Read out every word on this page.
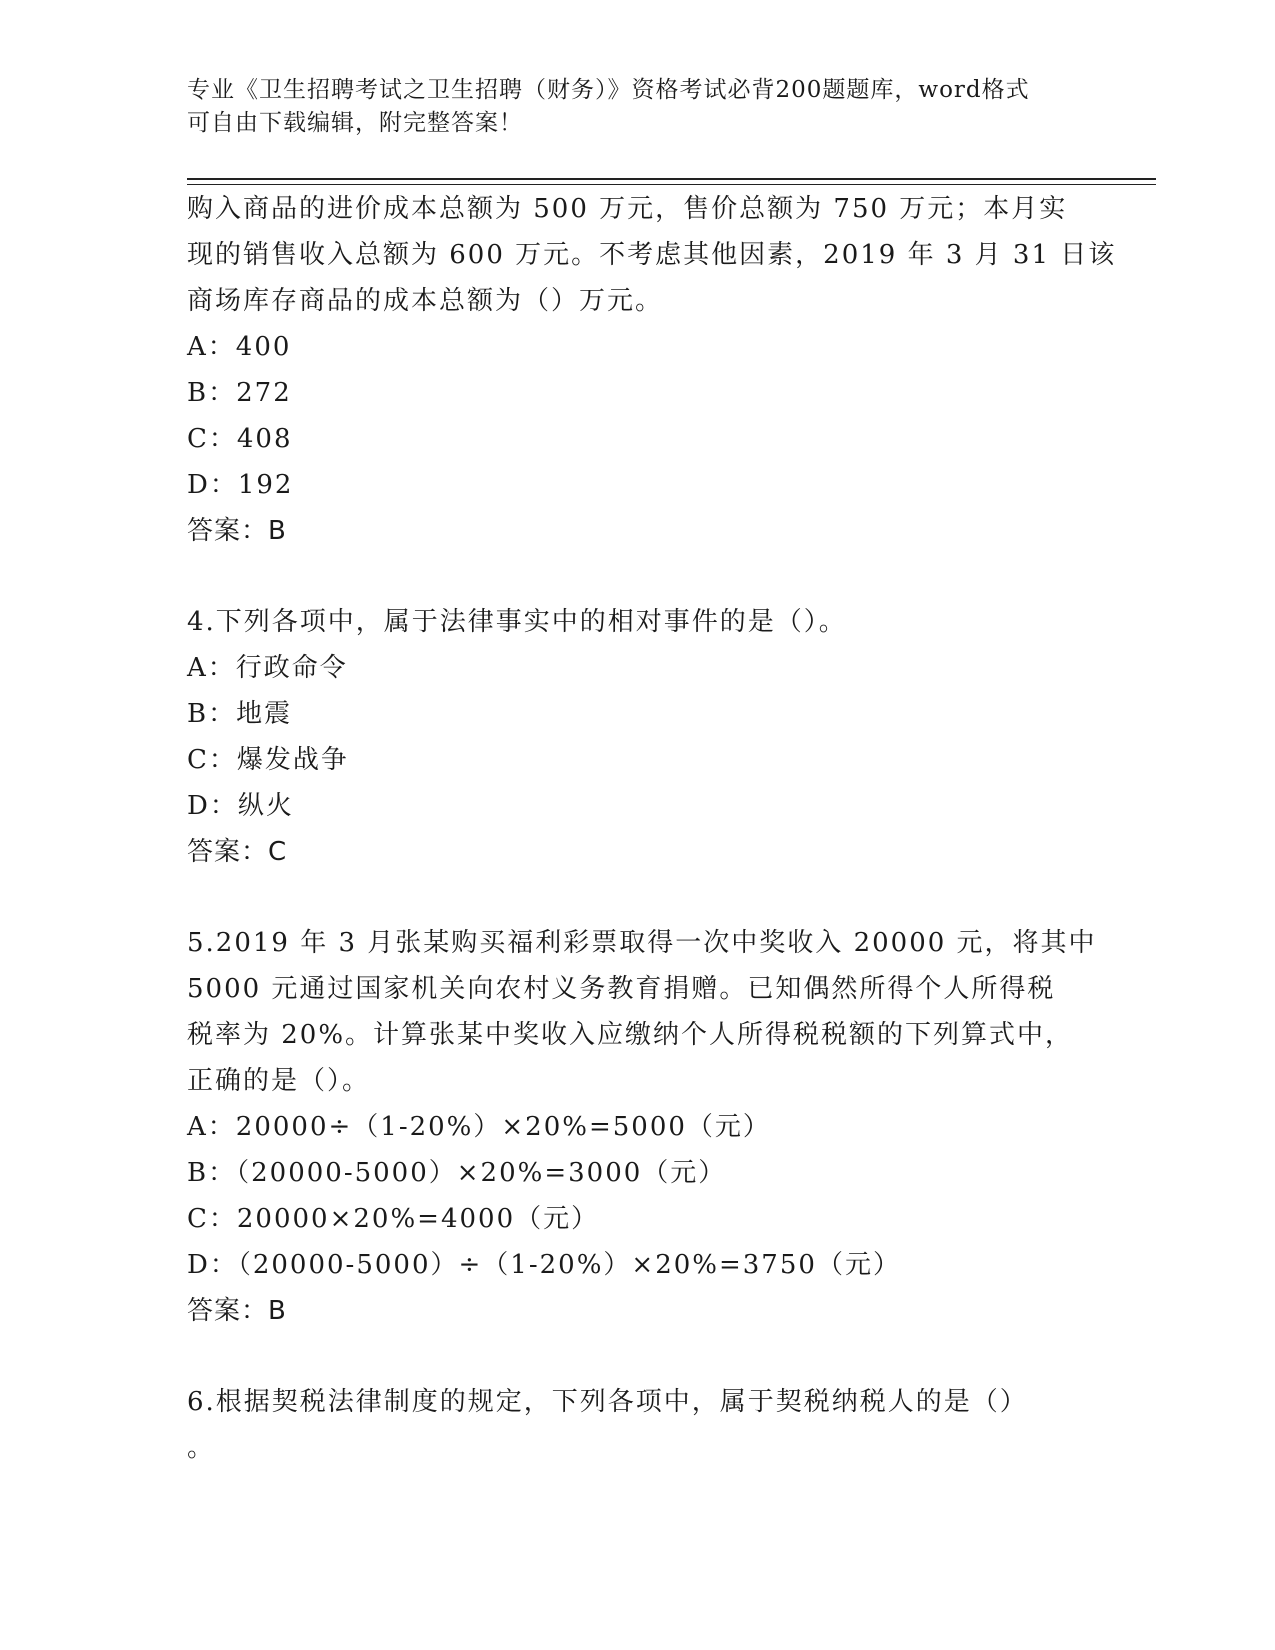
专业《卫生招聘考试之卫生招聘（财务）》资格考试必背200题题库，word格式
可自由下载编辑，附完整答案！
购入商品的进价成本总额为 500 万元，售价总额为 750 万元；本月实
现的销售收入总额为 600 万元。不考虑其他因素，2019 年 3 月 31 日该
商场库存商品的成本总额为（）万元。
A：400
B：272
C：408
D：192
答案：B
4.下列各项中，属于法律事实中的相对事件的是（）。
A：行政命令
B：地震
C：爆发战争
D：纵火
答案：C
5.2019 年 3 月张某购买福利彩票取得一次中奖收入 20000 元，将其中
5000 元通过国家机关向农村义务教育捐赠。已知偶然所得个人所得税
税率为 20%。计算张某中奖收入应缴纳个人所得税税额的下列算式中，
正确的是（）。
A：20000÷（1-20%）×20%=5000（元）
B：（20000-5000）×20%=3000（元）
C：20000×20%=4000（元）
D：（20000-5000）÷（1-20%）×20%=3750（元）
答案：B
6.根据契税法律制度的规定，下列各项中，属于契税纳税人的是（）
。
